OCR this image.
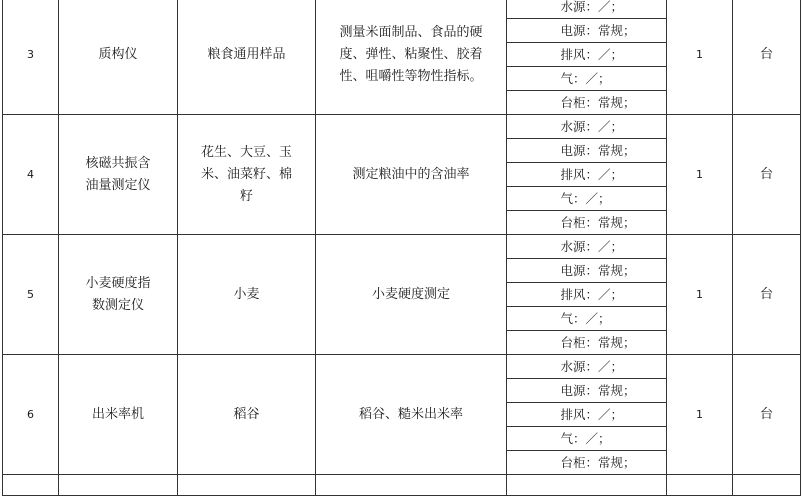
3	质构仪	粮食通用样品	测量米面制品、食品的硬度、弹性、粘聚性、胶着性、咀嚼性等物性指标。	水源：／；	1	台
				电源：常规；		
				排风：／；		
				气：／；		
				台柜：常规；		
4	核磁共振含油量测定仪	花生、大豆、玉米、油菜籽、棉籽	测定粮油中的含油率	水源：／；	1	台
				电源：常规；		
				排风：／；		
				气：／；		
				台柜：常规；		
5	小麦硬度指数测定仪	小麦	小麦硬度测定	水源：／；	1	台
				电源：常规；		
				排风：／；		
				气：／；		
				台柜：常规；		
6	出米率机	稻谷	稻谷、糙米出米率	水源：／；	1	台
				电源：常规；		
				排风：／；		
				气：／；		
				台柜：常规；		
